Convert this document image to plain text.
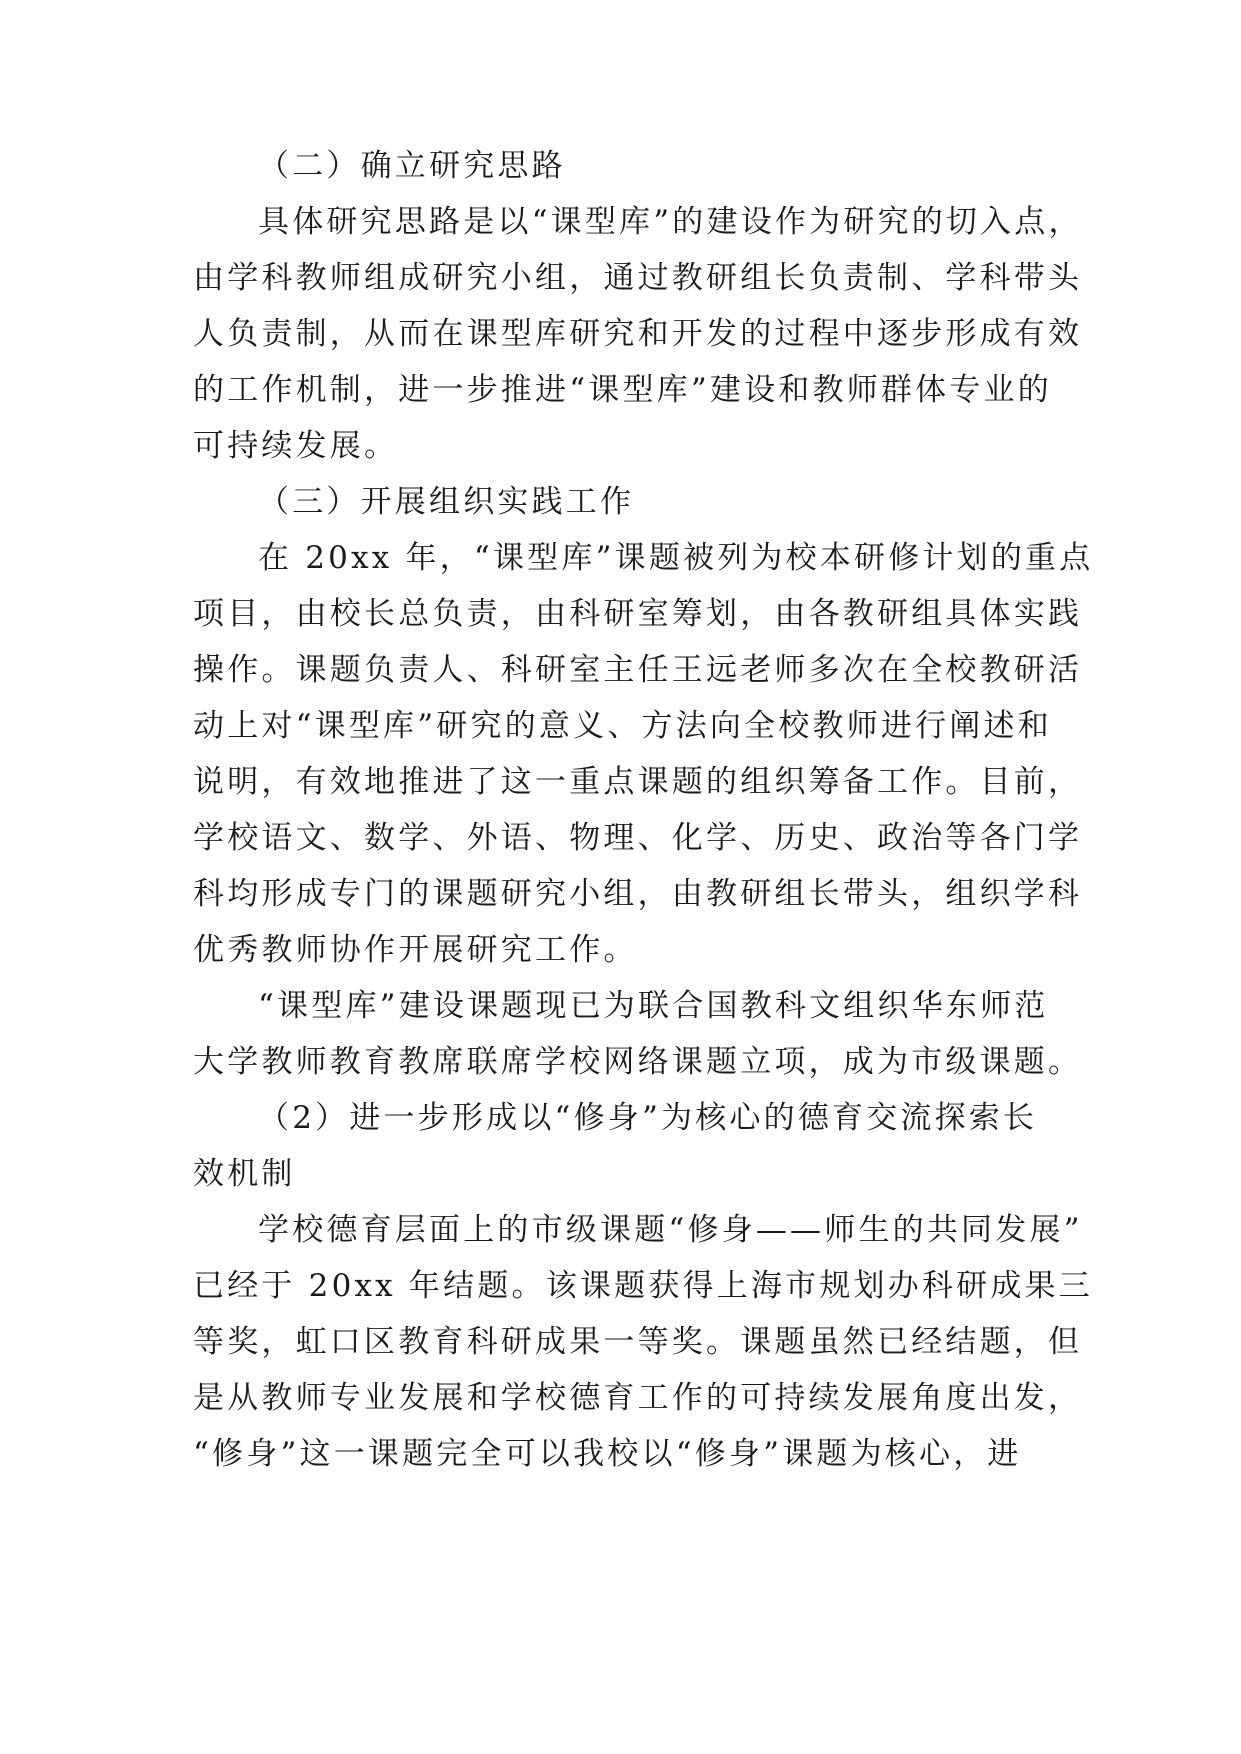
（二）确立研究思路
具体研究思路是以“课型库”的建设作为研究的切入点，
由学科教师组成研究小组，通过教研组长负责制、学科带头
人负责制，从而在课型库研究和开发的过程中逐步形成有效
的工作机制，进一步推进“课型库”建设和教师群体专业的
可持续发展。
（三）开展组织实践工作
在 20xx 年，“课型库”课题被列为校本研修计划的重点
项目，由校长总负责，由科研室筹划，由各教研组具体实践
操作。课题负责人、科研室主任王远老师多次在全校教研活
动上对“课型库”研究的意义、方法向全校教师进行阐述和
说明，有效地推进了这一重点课题的组织筹备工作。目前，
学校语文、数学、外语、物理、化学、历史、政治等各门学
科均形成专门的课题研究小组，由教研组长带头，组织学科
优秀教师协作开展研究工作。
“课型库”建设课题现已为联合国教科文组织华东师范
大学教师教育教席联席学校网络课题立项，成为市级课题。
（2）进一步形成以“修身”为核心的德育交流探索长
效机制
学校德育层面上的市级课题“修身——师生的共同发展”
已经于 20xx 年结题。该课题获得上海市规划办科研成果三
等奖，虹口区教育科研成果一等奖。课题虽然已经结题，但
是从教师专业发展和学校德育工作的可持续发展角度出发，
“修身”这一课题完全可以我校以“修身”课题为核心，进
